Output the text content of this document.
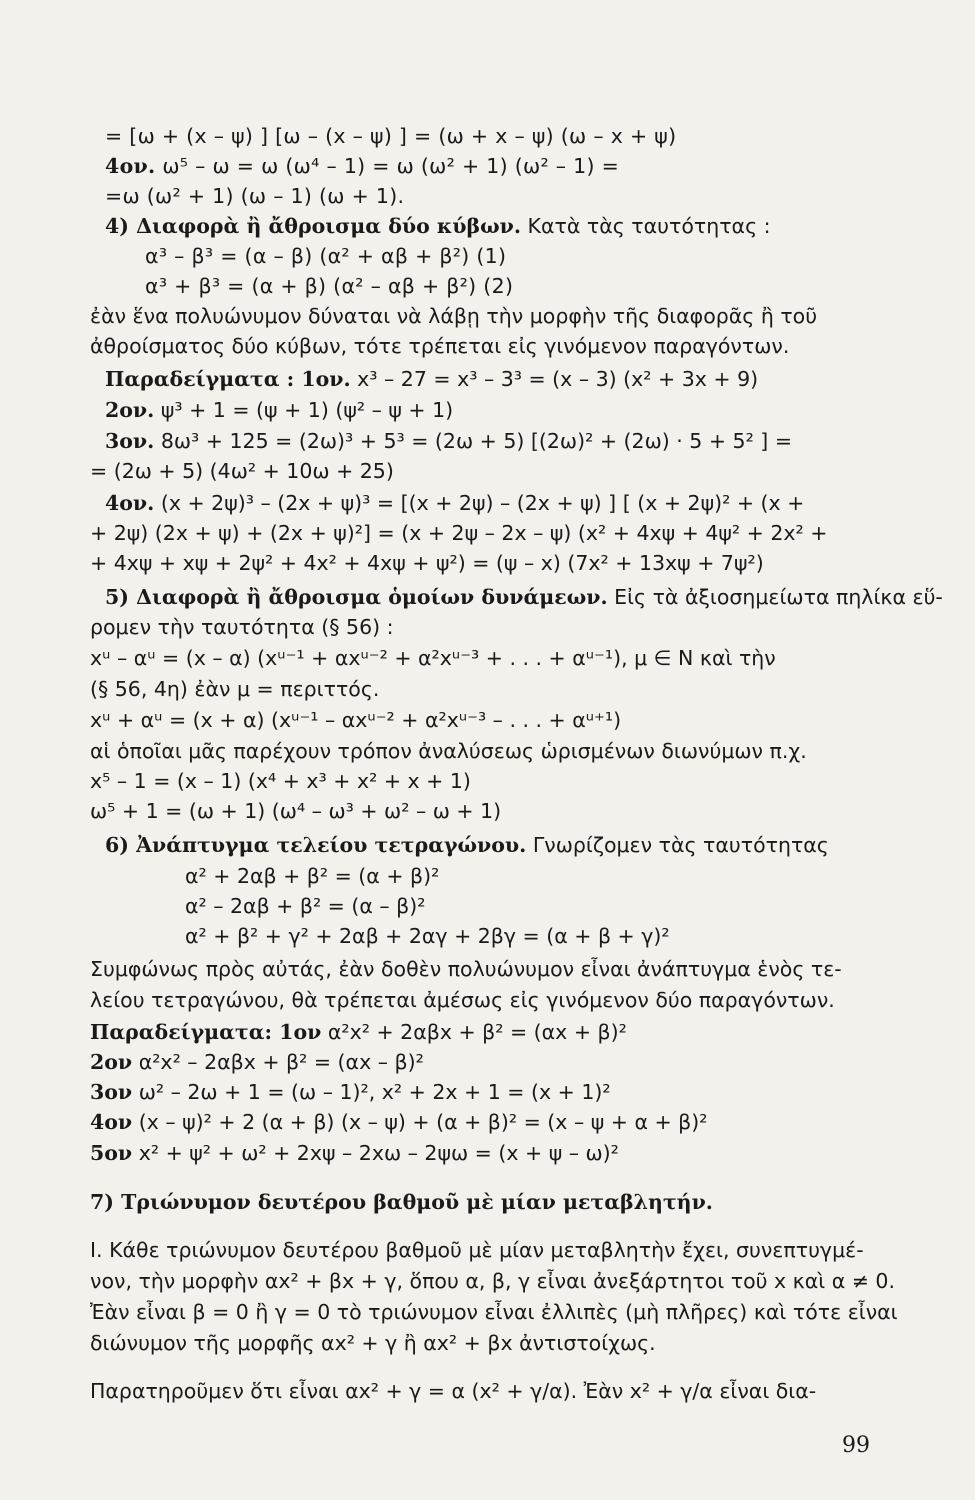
= [ω + (x – ψ) ] [ω – (x – ψ) ] = (ω + x – ψ) (ω – x + ψ)
4ον. ω⁵ – ω = ω (ω⁴ – 1) = ω (ω² + 1) (ω² – 1) =
=ω (ω² + 1) (ω – 1) (ω + 1).
4) Διαφορὰ ἢ ἄθροισμα δύο κύβων. Κατὰ τὰς ταυτότητας :
α³ – β³ = (α – β) (α² + αβ + β²) (1)
α³ + β³ = (α + β) (α² – αβ + β²) (2)
ἐὰν ἕνα πολυώνυμον δύναται νὰ λάβῃ τὴν μορφὴν τῆς διαφορᾶς ἢ τοῦ
ἀθροίσματος δύο κύβων, τότε τρέπεται εἰς γινόμενον παραγόντων.
Παραδείγματα : 1ον. x³ – 27 = x³ – 3³ = (x – 3) (x² + 3x + 9)
2ον. ψ³ + 1 = (ψ + 1) (ψ² – ψ + 1)
3ον. 8ω³ + 125 = (2ω)³ + 5³ = (2ω + 5) [(2ω)² + (2ω) · 5 + 5² ] =
= (2ω + 5) (4ω² + 10ω + 25)
4ον. (x + 2ψ)³ – (2x + ψ)³ = [(x + 2ψ) – (2x + ψ) ] [ (x + 2ψ)² + (x +
+ 2ψ) (2x + ψ) + (2x + ψ)²] = (x + 2ψ – 2x – ψ) (x² + 4xψ + 4ψ² + 2x² +
+ 4xψ + xψ + 2ψ² + 4x² + 4xψ + ψ²) = (ψ – x) (7x² + 13xψ + 7ψ²)
5) Διαφορὰ ἢ ἄθροισμα ὁμοίων δυνάμεων. Εἰς τὰ ἀξιοσημείωτα πηλίκα εὕ-
ρομεν τὴν ταυτότητα (§ 56) :
xᵘ – αᵘ = (x – α) (xᵘ⁻¹ + αxᵘ⁻² + α²xᵘ⁻³ + . . . + αᵘ⁻¹), μ ∈ N καὶ τὴν
(§ 56, 4η) ἐὰν μ = περιττός.
xᵘ + αᵘ = (x + α) (xᵘ⁻¹ – αxᵘ⁻² + α²xᵘ⁻³ – . . . + αᵘ⁺¹)
αἱ ὁποῖαι μᾶς παρέχουν τρόπον ἀναλύσεως ὡρισμένων διωνύμων π.χ.
x⁵ – 1 = (x – 1) (x⁴ + x³ + x² + x + 1)
ω⁵ + 1 = (ω + 1) (ω⁴ – ω³ + ω² – ω + 1)
6) Ἀνάπτυγμα τελείου τετραγώνου. Γνωρίζομεν τὰς ταυτότητας
α² + 2αβ + β² = (α + β)²
α² – 2αβ + β² = (α – β)²
α² + β² + γ² + 2αβ + 2αγ + 2βγ = (α + β + γ)²
Συμφώνως πρὸς αὐτάς, ἐὰν δοθὲν πολυώνυμον εἶναι ἀνάπτυγμα ἑνὸς τε-
λείου τετραγώνου, θὰ τρέπεται ἀμέσως εἰς γινόμενον δύο παραγόντων.
Παραδείγματα: 1ον α²x² + 2αβx + β² = (αx + β)²
2ον α²x² – 2αβx + β² = (αx – β)²
3ον ω² – 2ω + 1 = (ω – 1)², x² + 2x + 1 = (x + 1)²
4ον (x – ψ)² + 2 (α + β) (x – ψ) + (α + β)² = (x – ψ + α + β)²
5ον x² + ψ² + ω² + 2xψ – 2xω – 2ψω = (x + ψ – ω)²
7) Τριώνυμον δευτέρου βαθμοῦ μὲ μίαν μεταβλητήν.
I. Κάθε τριώνυμον δευτέρου βαθμοῦ μὲ μίαν μεταβλητὴν ἔχει, συνεπτυγμέ-
νον, τὴν μορφὴν αx² + βx + γ, ὅπου α, β, γ εἶναι ἀνεξάρτητοι τοῦ x καὶ α ≠ 0.
Ἐὰν εἶναι β = 0 ἢ γ = 0 τὸ τριώνυμον εἶναι ἐλλιπὲς (μὴ πλῆρες) καὶ τότε εἶναι
διώνυμον τῆς μορφῆς αx² + γ ἢ αx² + βx ἀντιστοίχως.
Παρατηροῦμεν ὅτι εἶναι αx² + γ = α (x² + γ/α). Ἐὰν x² + γ/α εἶναι δια-
99
